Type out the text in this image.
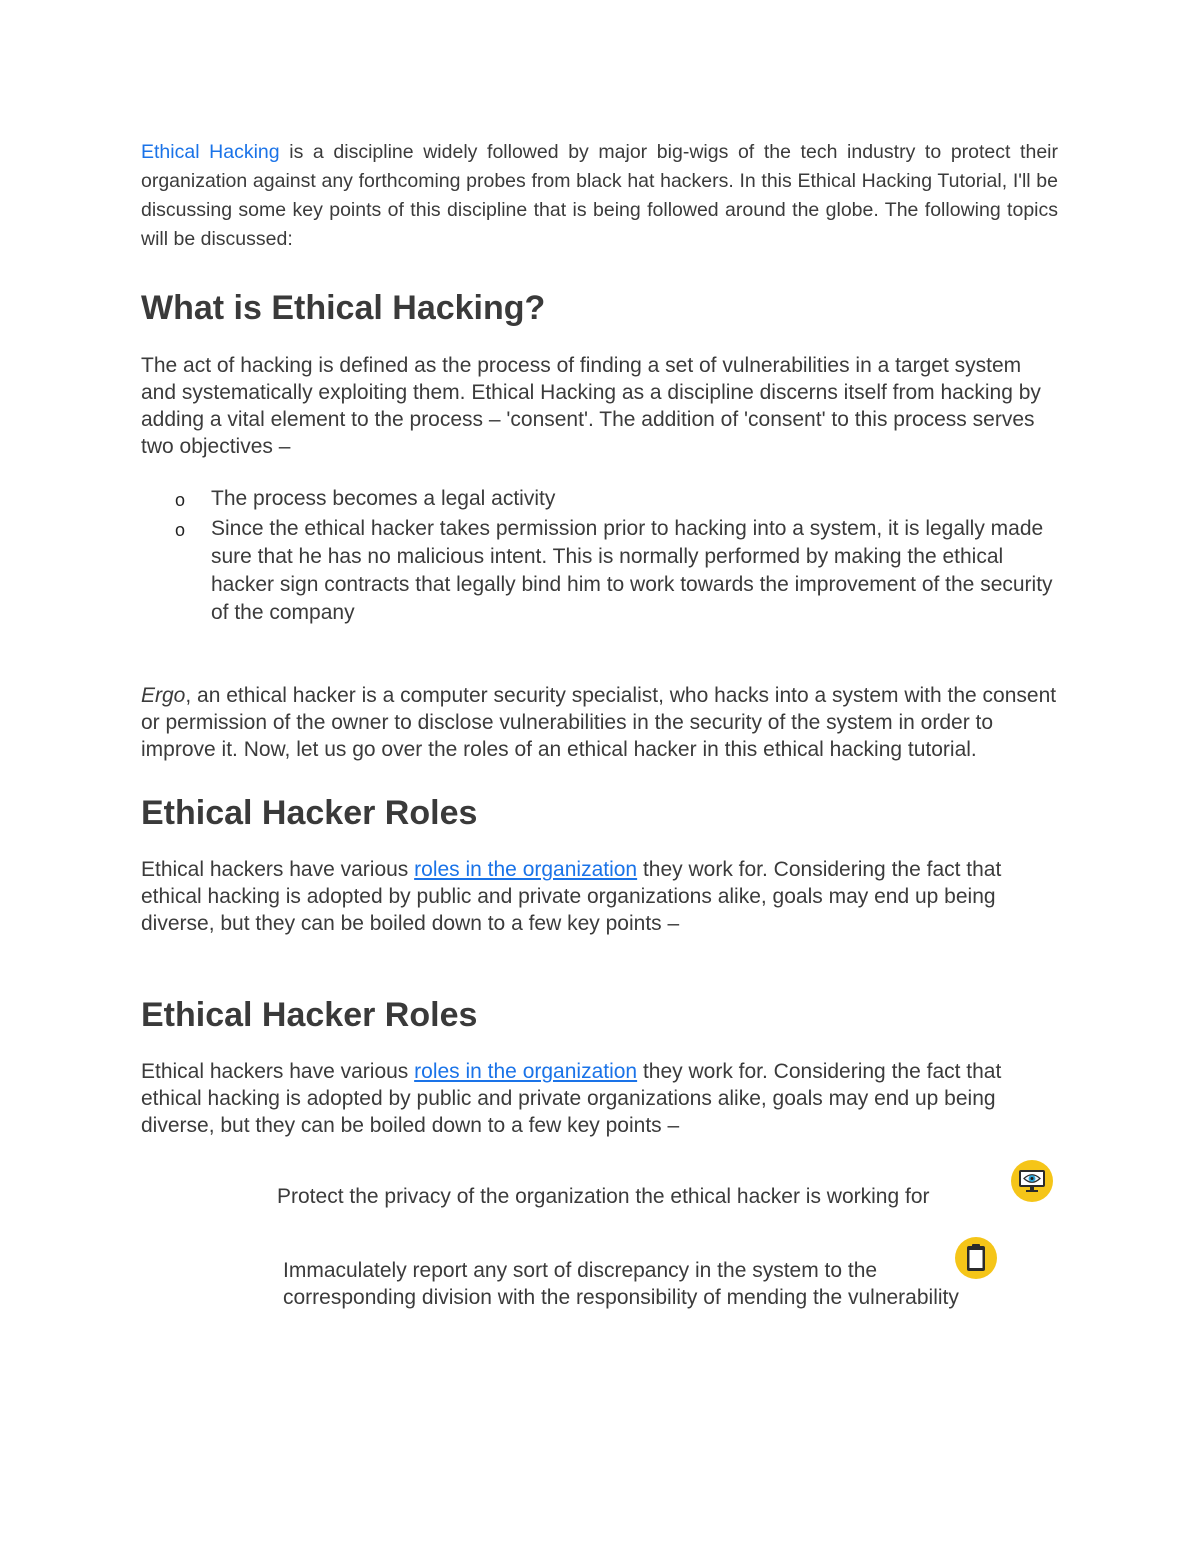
Ethical Hacking is a discipline widely followed by major big-wigs of the tech industry to protect their organization against any forthcoming probes from black hat hackers. In this Ethical Hacking Tutorial, I'll be discussing some key points of this discipline that is being followed around the globe. The following topics will be discussed:

What is Ethical Hacking?

The act of hacking is defined as the process of finding a set of vulnerabilities in a target system and systematically exploiting them. Ethical Hacking as a discipline discerns itself from hacking by adding a vital element to the process – 'consent'. The addition of 'consent' to this process serves two objectives –

o The process becomes a legal activity
o Since the ethical hacker takes permission prior to hacking into a system, it is legally made sure that he has no malicious intent. This is normally performed by making the ethical hacker sign contracts that legally bind him to work towards the improvement of the security of the company

Ergo, an ethical hacker is a computer security specialist, who hacks into a system with the consent or permission of the owner to disclose vulnerabilities in the security of the system in order to improve it. Now, let us go over the roles of an ethical hacker in this ethical hacking tutorial.

Ethical Hacker Roles

Ethical hackers have various roles in the organization they work for. Considering the fact that ethical hacking is adopted by public and private organizations alike, goals may end up being diverse, but they can be boiled down to a few key points –

Ethical Hacker Roles

Ethical hackers have various roles in the organization they work for. Considering the fact that ethical hacking is adopted by public and private organizations alike, goals may end up being diverse, but they can be boiled down to a few key points –

Protect the privacy of the organization the ethical hacker is working for
Immaculately report any sort of discrepancy in the system to the
corresponding division with the responsibility of mending the vulnerability
